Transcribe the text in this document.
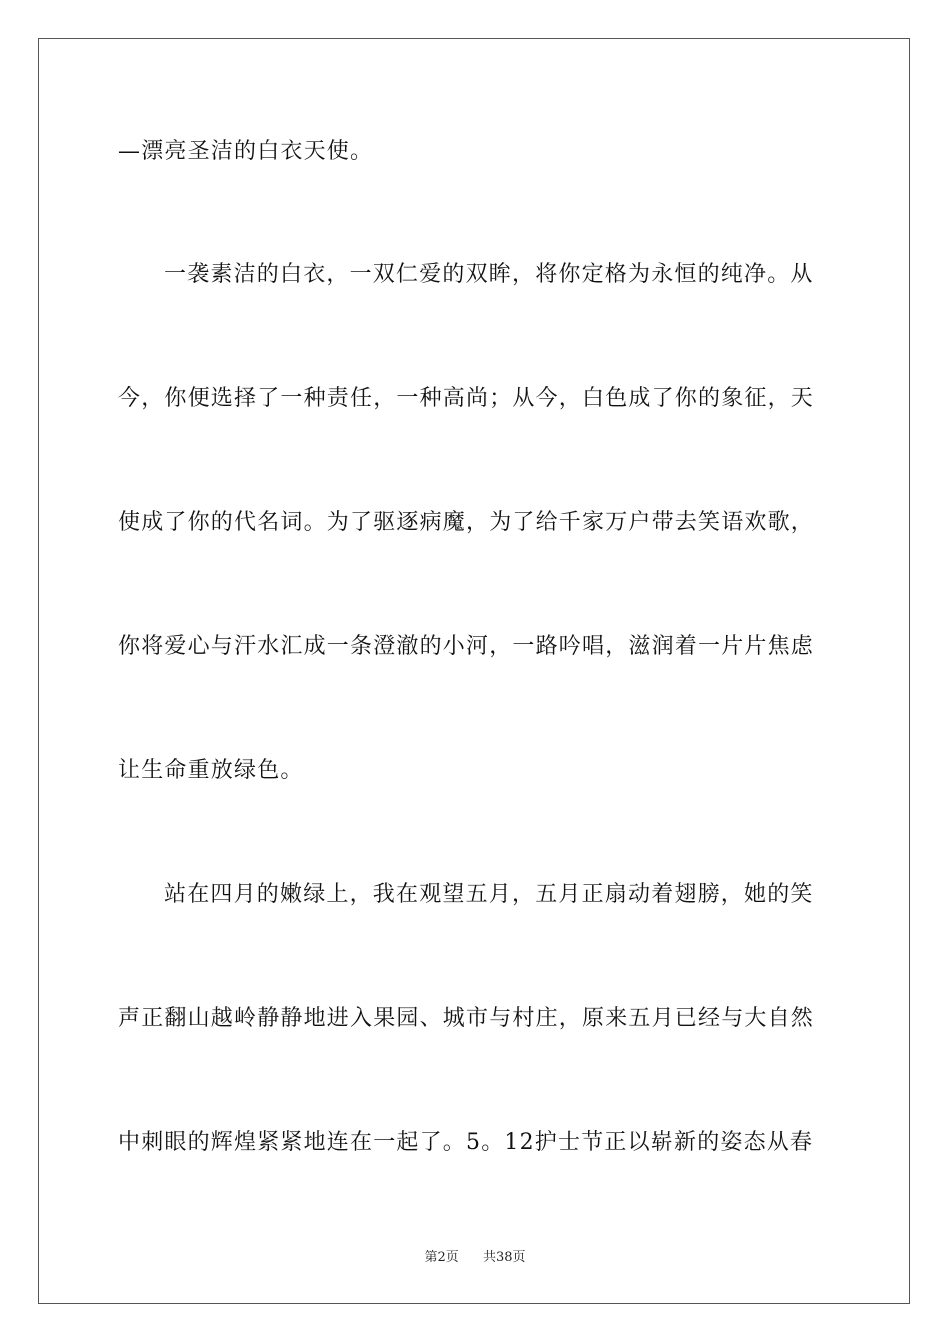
—漂亮圣洁的白衣天使。
一袭素洁的白衣，一双仁爱的双眸，将你定格为永恒的纯净。从
今，你便选择了一种责任，一种高尚；从今，白色成了你的象征，天
使成了你的代名词。为了驱逐病魔，为了给千家万户带去笑语欢歌，
你将爱心与汗水汇成一条澄澈的小河，一路吟唱，滋润着一片片焦虑
让生命重放绿色。
站在四月的嫩绿上，我在观望五月，五月正扇动着翅膀，她的笑
声正翻山越岭静静地进入果园、城市与村庄，原来五月已经与大自然
中刺眼的辉煌紧紧地连在一起了。5。12护士节正以崭新的姿态从春
第2页 共38页
